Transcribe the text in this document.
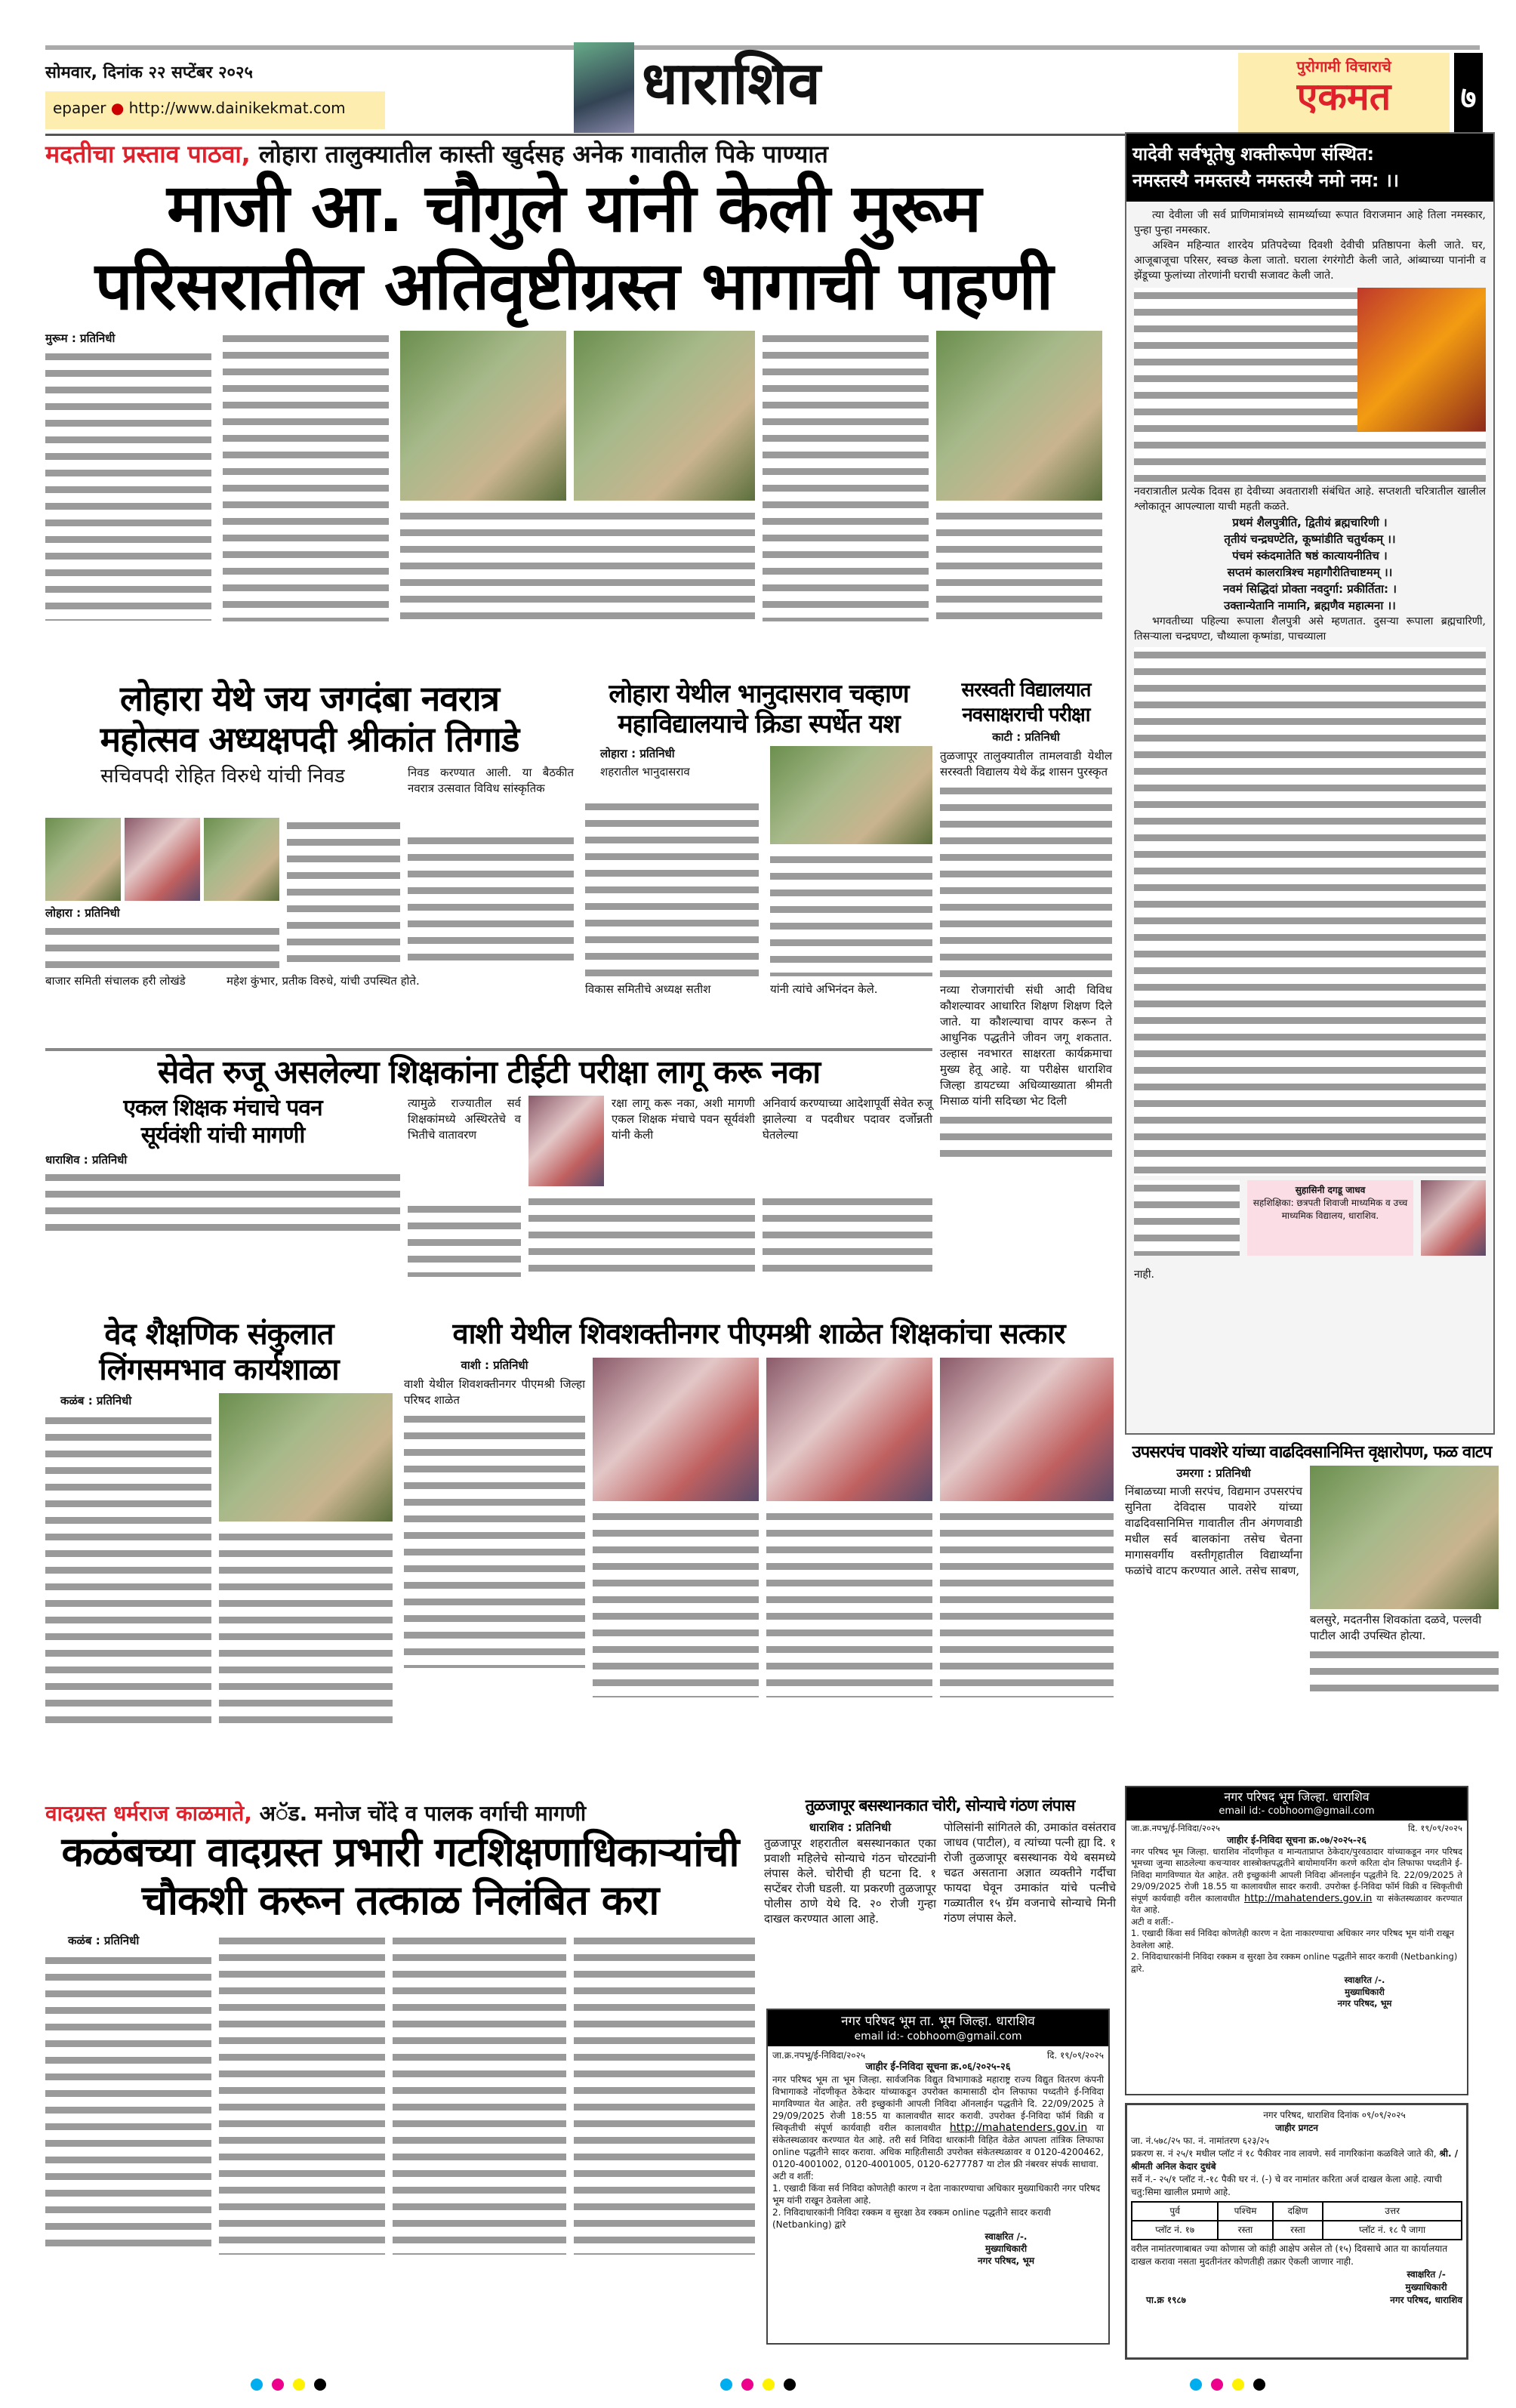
सोमवार, दिनांक २२ सप्टेंबर २०२५
epaper ● http://www.dainikekmat.com	धाराशिव	पुरोगामी विचाराचे
एकमत	७
मदतीचा प्रस्ताव पाठवा, लोहारा तालुक्यातील कास्ती खुर्दसह अनेक गावातील पिके पाण्यात
माजी आ. चौगुले यांनी केली मुरूम
परिसरातील अतिवृष्टीग्रस्त भागाची पाहणी
मुरूम : प्रतिनिधी
यादेवी सर्वभूतेषु शक्तीरूपेण संस्थित:
नमस्तस्यै नमस्तस्यै नमस्तस्यै नमो नम: ।।

त्या देवीला जी सर्व प्राणिमात्रांमध्ये सामर्थ्याच्या रूपात विराजमान आहे तिला नमस्कार, पुन्हा पुन्हा नमस्कार.

अश्विन महिन्यात शारदेय प्रतिपदेच्या दिवशी देवीची प्रतिष्ठापना केली जाते. घर, आजूबाजूचा परिसर, स्वच्छ केला जातो. घराला रंगरंगोटी केली जाते, आंब्याच्या पानांनी व झेंडूच्या फुलांच्या तोरणांनी घराची सजावट केली जाते.

नवरात्रातील प्रत्येक दिवस हा देवीच्या अवताराशी संबंधित आहे. सप्तशती चरित्रातील खालील श्लोकातून आपल्याला याची महती कळते.

प्रथमं शैलपुत्रीति, द्वितीयं ब्रह्मचारिणी ।
तृतीयं चन्द्रघण्टेति, कूष्मांडीति चतुर्थकम् ।।
पंचमं स्कंदमातेति षष्ठं कात्यायनीतिच ।
सप्तमं कालरात्रिश्च महागौरीतिचाष्टमम् ।।
नवमं सिद्धिदां प्रोक्ता नवदुर्गा: प्रकीर्तिता: ।
उक्तान्येतानि नामानि, ब्रह्मणैव महात्मना ।।

भगवतीच्या पहिल्या रूपाला शैलपुत्री असे म्हणतात. दुसऱ्या रूपाला ब्रह्मचारिणी, तिसऱ्याला चन्द्रघण्टा, चौथ्याला कृष्मांडा, पाचव्याला

सुहासिनी दगडू जाधव
सहशिक्षिका: छत्रपती शिवाजी माध्यमिक व उच्च माध्यमिक विद्यालय, धाराशिव.

नाही.

लोहारा येथे जय जगदंबा नवरात्र
महोत्सव अध्यक्षपदी श्रीकांत तिगाडे
सचिवपदी रोहित विरुधे यांची निवड	निवड करण्यात आली. या बैठकीत नवरात्र उत्सवात विविध सांस्कृतिक
लोहारा : प्रतिनिधी
बाजार समिती संचालक हरी लोखंडे	महेश कुंभार, प्रतीक विरुधे, यांची उपस्थित होते.
लोहारा येथील भानुदासराव चव्हाण
महाविद्यालयाचे क्रिडा स्पर्धेत यश
लोहारा : प्रतिनिधी
शहरातील भानुदासराव
विकास समितीचे अध्यक्ष सतीश	यांनी त्यांचे अभिनंदन केले.
सरस्वती विद्यालयात
नवसाक्षराची परीक्षा
काटी : प्रतिनिधी
तुळजापूर तालुक्यातील तामलवाडी येथील सरस्वती विद्यालय येथे केंद्र शासन पुरस्कृत
नव्या रोजगारांची संधी आदी विविध कौशल्यावर आधारित शिक्षण शिक्षण दिले जाते. या कौशल्याचा वापर करून ते आधुनिक पद्धतीने जीवन जगू शकतात. उल्हास नवभारत साक्षरता कार्यक्रमाचा मुख्य हेतू आहे. या परीक्षेस धाराशिव जिल्हा डायटच्या अधिव्याख्याता श्रीमती मिसाळ यांनी सदिच्छा भेट दिली
सेवेत रुजू असलेल्या शिक्षकांना टीईटी परीक्षा लागू करू नका
एकल शिक्षक मंचाचे पवन
सूर्यवंशी यांची मागणी
धाराशिव : प्रतिनिधी
त्यामुळे राज्यातील सर्व शिक्षकांमध्ये अस्थिरतेचे व भितीचे वातावरण
रक्षा लागू करू नका, अशी मागणी एकल शिक्षक मंचाचे पवन सूर्यवंशी यांनी केली
अनिवार्य करण्याच्या आदेशापूर्वी सेवेत रुजू झालेल्या व पदवीधर पदावर दर्जोन्नती घेतलेल्या
वेद शैक्षणिक संकुलात
लिंगसमभाव कार्यशाळा
कळंब : प्रतिनिधी
वाशी येथील शिवशक्तीनगर पीएमश्री शाळेत शिक्षकांचा सत्कार
वाशी : प्रतिनिधी
वाशी येथील शिवशक्तीनगर पीएमश्री जिल्हा परिषद शाळेत
उपसरपंच पावशेरे यांच्या वाढदिवसानिमित्त वृक्षारोपण, फळ वाटप
उमरगा : प्रतिनिधी
निंबाळच्या माजी सरपंच, विद्यमान उपसरपंच सुनिता देविदास पावशेरे यांच्या वाढदिवसानिमित्त गावातील तीन अंगणवाडी मधील सर्व बालकांना तसेच चेतना मागासवर्गीय वस्तीगृहातील विद्यार्थ्यांना फळांचे वाटप करण्यात आले. तसेच साबण,
बलसुरे, मदतनीस शिवकांता दळवे, पल्लवी पाटील आदी उपस्थित होत्या.
वादग्रस्त धर्मराज काळमाते, अॅड. मनोज चोंदे व पालक वर्गाची मागणी
कळंबच्या वादग्रस्त प्रभारी गटशिक्षणाधिकाऱ्यांची
चौकशी करून तत्काळ निलंबित करा
कळंब : प्रतिनिधी
तुळजापूर बसस्थानकात चोरी, सोन्याचे गंठण लंपास
धाराशिव : प्रतिनिधी
तुळजापूर शहरातील बसस्थानकात एका प्रवाशी महिलेचे सोन्याचे गंठन चोरट्यांनी लंपास केले. चोरीची ही घटना दि. १ सप्टेंबर रोजी घडली. या प्रकरणी तुळजापूर पोलीस ठाणे येथे दि. २० रोजी गुन्हा दाखल करण्यात आला आहे.
पोलिसांनी सांगितले की, उमाकांत वसंतराव जाधव (पाटील), व त्यांच्या पत्नी ह्या दि. १ रोजी तुळजापूर बसस्थानक येथे बसमध्ये चढत असताना अज्ञात व्यक्तीने गर्दीचा फायदा घेवून उमाकांत यांचे पत्नीचे गळ्यातील १५ ग्रॅम वजनाचे सोन्याचे मिनी गंठण लंपास केले.
नगर परिषद भूम ता. भूम जिल्हा. धाराशिव
email id:- cobhoom@gmail.com
जा.क्र.नपभू/ई-निविदा/२०२५	दि. १९/०९/२०२५
जाहीर ई-निविदा सूचना क्र.०६/२०२५-२६
नगर परिषद भूम ता भूम जिल्हा. सार्वजनिक विद्युत विभागाकडे महाराष्ट्र राज्य विद्युत वितरण कंपनी विभागाकडे नोंदणीकृत ठेकेदार यांच्याकडून उपरोक्त कामासाठी दोन लिफाफा पध्दतीने ई-निविदा मागविण्यात येत आहेत. तरी इच्छुकांनी आपली निविदा ऑनलाईन पद्धतीने दि. 22/09/2025 ते 29/09/2025 रोजी 18:55 या कालावधीत सादर करावी. उपरोक्त ई-निविदा फॉर्म विक्री व स्विकृतीची संपूर्ण कार्यवाही वरील कालावधीत http://mahatenders.gov.in या संकेतस्थळावर करण्यात येत आहे. तरी सर्व निविदा धारकांनी विहित वेळेत आपला तांत्रिक लिफाफा online पद्धतीने सादर करावा. अधिक माहितीसाठी उपरोक्त संकेतस्थळावर व 0120-4200462, 0120-4001002, 0120-4001005, 0120-6277787 या टोल फ्री नंबरवर संपर्क साधावा.
अटी व शर्ती:
1. एखादी किंवा सर्व निविदा कोणतेही कारण न देता नाकारण्याचा अधिकार मुख्याधिकारी नगर परिषद भूम यांनी राखून ठेवलेला आहे.
2. निविदाधारकांनी निविदा रक्कम व सुरक्षा ठेव रक्कम online पद्धतीने सादर करावी (Netbanking) द्वारे
स्वाक्षरित /-.
मुख्याधिकारी
नगर परिषद, भूम
नगर परिषद भूम जिल्हा. धाराशिव
email id:- cobhoom@gmail.com
जा.क्र.नपभू/ई-निविदा/२०२५	दि. १९/०९/२०२५
जाहीर ई-निविदा सूचना क्र.०७/२०२५-२६
नगर परिषद भूम जिल्हा. धाराशिव नोंदणीकृत व मान्यताप्राप्त ठेकेदार/पुरवठादार यांच्याकडून नगर परिषद भूमच्या जुन्या साठलेल्या कचऱ्यावर शास्त्रोक्तपद्धतीने बायोमायनिंग करणे करिता दोन लिफाफा पध्दतीने ई-निविदा मागविण्यात येत आहेत. तरी इच्छुकांनी आपली निविदा ऑनलाईन पद्धतीने दि. 22/09/2025 ते 29/09/2025 रोजी 18.55 या कालावधील सादर करावी. उपरोक्त ई-निविदा फॉर्म विक्री व स्विकृतीची संपूर्ण कार्यवाही वरील कालावधीत http://mahatenders.gov.in या संकेतस्थळावर करण्यात येत आहे.
अटी व शर्ती:-
1. एखादी किंवा सर्व निविदा कोणतेही कारण न देता नाकारण्याचा अधिकार नगर परिषद भूम यांनी राखून ठेवलेला आहे.
2. निविदाधारकांनी निविदा रक्कम व सुरक्षा ठेव रक्कम online पद्धतीने सादर करावी (Netbanking) द्वारे.
स्वाक्षरित /-.
मुख्याधिकारी
नगर परिषद, भूम
नगर परिषद, धाराशिव दिनांक ०९/०९/२०२५
जाहीर प्रगटन
जा. नं.५७८/२५ फा. नं. नामांतरण ६२३/२५
प्रकरण स. नं २५/१ मधील प्लॉट नं १८ पैकीवर नाव लावणे. सर्व नागरिकांना कळविले जाते की, श्री. /श्रीमती अनिल केदार दुधंबे
सर्वे नं.- २५/१ प्लॉट नं.-१८ पैकी घर नं. (-) चे वर नामांतर करिता अर्ज दाखल केला आहे. त्याची चतु:सिमा खालील प्रमाणे आहे.
पुर्व	पश्चिम	दक्षिण	उत्तर
प्लॉट नं. १७	रस्ता	रस्ता	प्लॉट नं. १८ पै जागा
वरील नामांतरणाबाबत ज्या कोणास जो कांही आक्षेप असेल तो (१५) दिवसाचे आत या कार्यालयात दाखल करावा नसता मुदतीनंतर कोणतीही तक्रार ऐकली जाणार नाही.
पा.क्र १९८७
स्वाक्षरित /-
मुख्याधिकारी
नगर परिषद, धाराशिव
